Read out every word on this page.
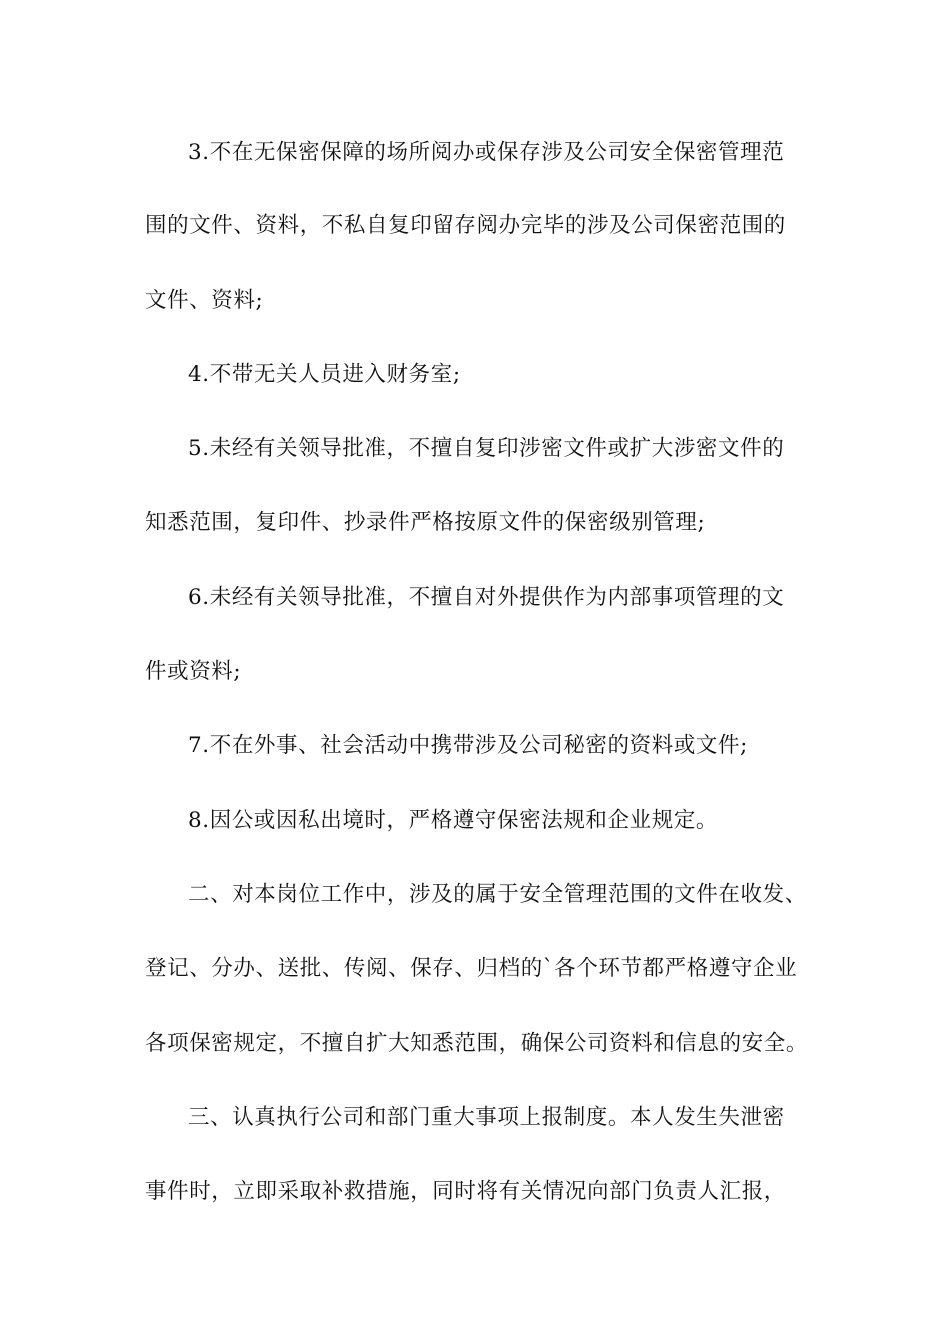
3.不在无保密保障的场所阅办或保存涉及公司安全保密管理范
围的文件、资料，不私自复印留存阅办完毕的涉及公司保密范围的
文件、资料;
4.不带无关人员进入财务室;
5.未经有关领导批准，不擅自复印涉密文件或扩大涉密文件的
知悉范围，复印件、抄录件严格按原文件的保密级别管理;
6.未经有关领导批准，不擅自对外提供作为内部事项管理的文
件或资料;
7.不在外事、社会活动中携带涉及公司秘密的资料或文件;
8.因公或因私出境时，严格遵守保密法规和企业规定。
二、对本岗位工作中，涉及的属于安全管理范围的文件在收发、
登记、分办、送批、传阅、保存、归档的`各个环节都严格遵守企业
各项保密规定，不擅自扩大知悉范围，确保公司资料和信息的安全。
三、认真执行公司和部门重大事项上报制度。本人发生失泄密
事件时，立即采取补救措施，同时将有关情况向部门负责人汇报，
